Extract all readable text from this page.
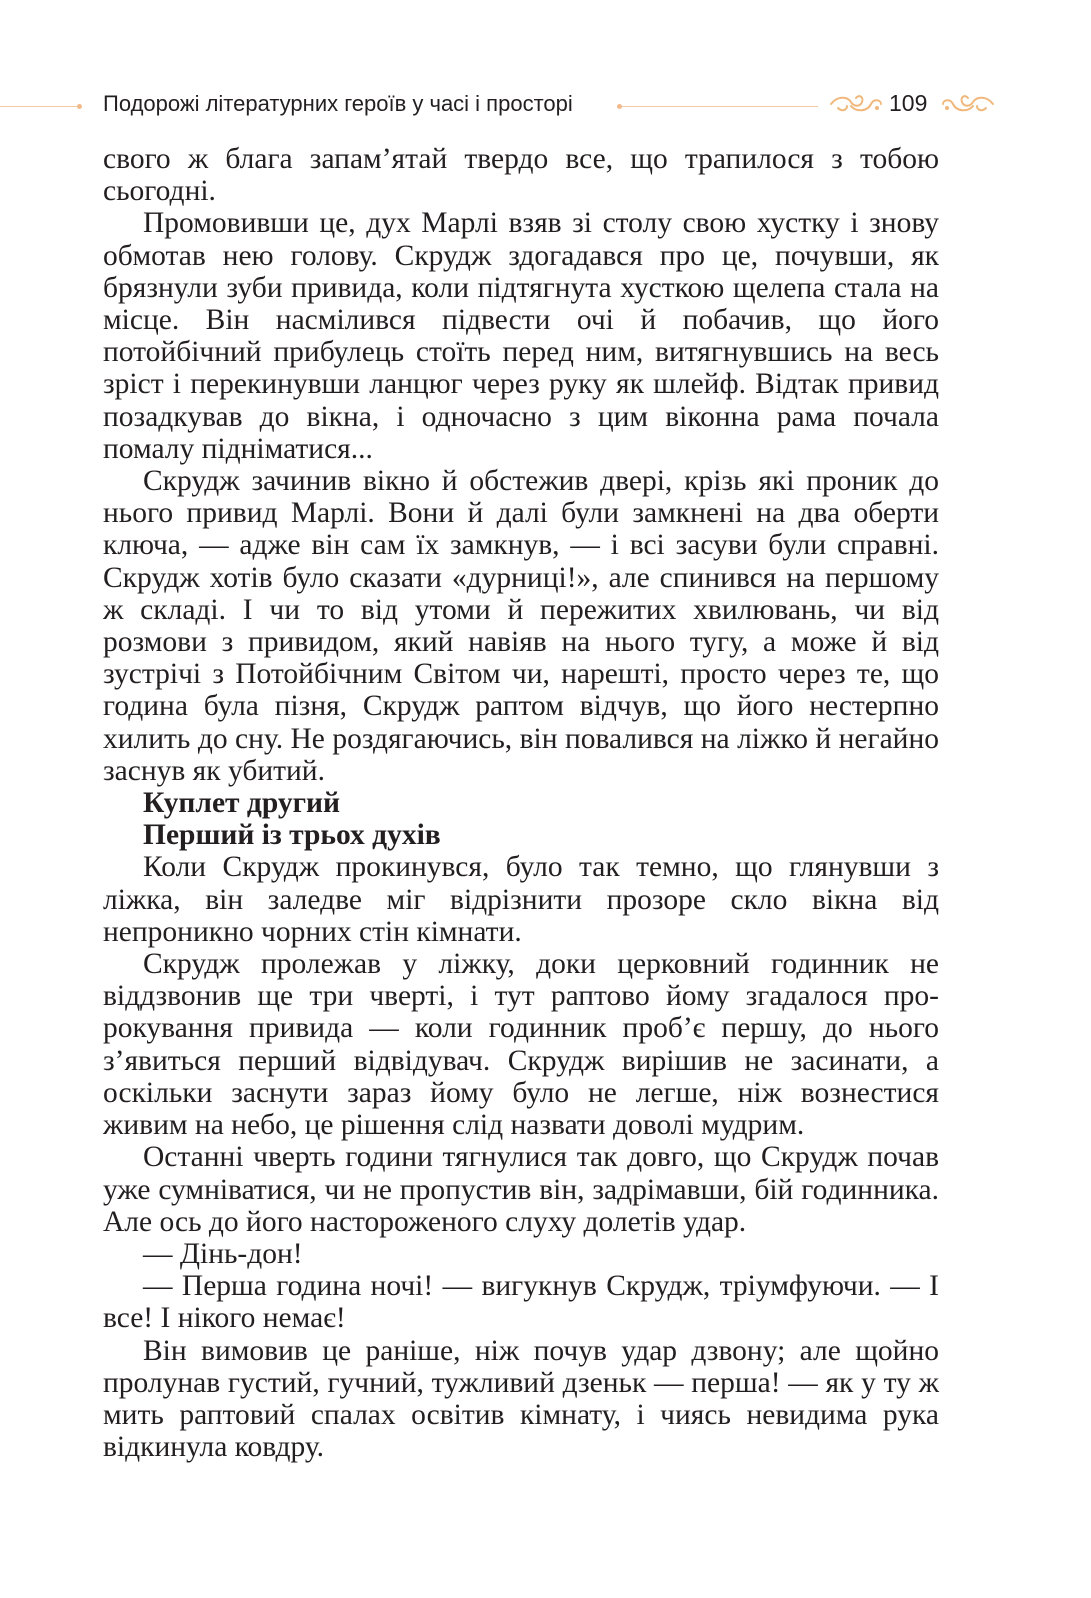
Подорожі літературних героїв у часі і просторі	109

свого ж блага запам’ятай твердо все, що трапилося з тобою сьогодні.

Промовивши це, дух Марлі взяв зі столу свою хустку і знову обмотав нею голову. Скрудж здогадався про це, почувши, як брязнули зуби привида, коли підтягнута хусткою щелепа стала на місце. Він насмілився підвести очі й побачив, що його потойбічний прибулець стоїть перед ним, витягнувшись на весь зріст і перекинувши ланцюг через руку як шлейф. Відтак привид позадкував до вікна, і одночасно з цим віконна рама почала помалу підніматися...

Скрудж зачинив вікно й обстежив двері, крізь які проник до нього привид Марлі. Вони й далі були замкнені на два оберти ключа, — адже він сам їх замкнув, — і всі засуви були справні. Скрудж хотів було сказати «дурниці!», але спинився на першому ж складі. І чи то від утоми й пережитих хвилювань, чи від розмови з привидом, який навіяв на нього тугу, а може й від зустрічі з Потойбічним Світом чи, нарешті, просто через те, що година була пізня, Скрудж раптом відчув, що його нестерпно хилить до сну. Не роздягаючись, він повалився на ліжко й негайно заснув як убитий.

Куплет другий

Перший із трьох духів

Коли Скрудж прокинувся, було так темно, що глянувши з ліжка, він заледве міг відрізнити прозоре скло вікна від непроникно чорних стін кімнати.

Скрудж пролежав у ліжку, доки церковний годинник не віддзвонив ще три чверті, і тут раптово йому згадалося пророкування привида — коли годинник проб’є першу, до нього з’явиться перший відвідувач. Скрудж вирішив не засинати, а оскільки заснути зараз йому було не легше, ніж вознестися живим на небо, це рішення слід назвати доволі мудрим.

Останні чверть години тягнулися так довго, що Скрудж почав уже сумніватися, чи не пропустив він, задрімавши, бій годинника. Але ось до його настороженого слуху долетів удар.

— Дінь-дон!

— Перша година ночі! — вигукнув Скрудж, тріумфуючи. — І все! І нікого немає!

Він вимовив це раніше, ніж почув удар дзвону; але щойно пролунав густий, гучний, тужливий дзеньк — перша! — як у ту ж мить раптовий спалах освітив кімнату, і чиясь невидима рука відкинула ковдру.
